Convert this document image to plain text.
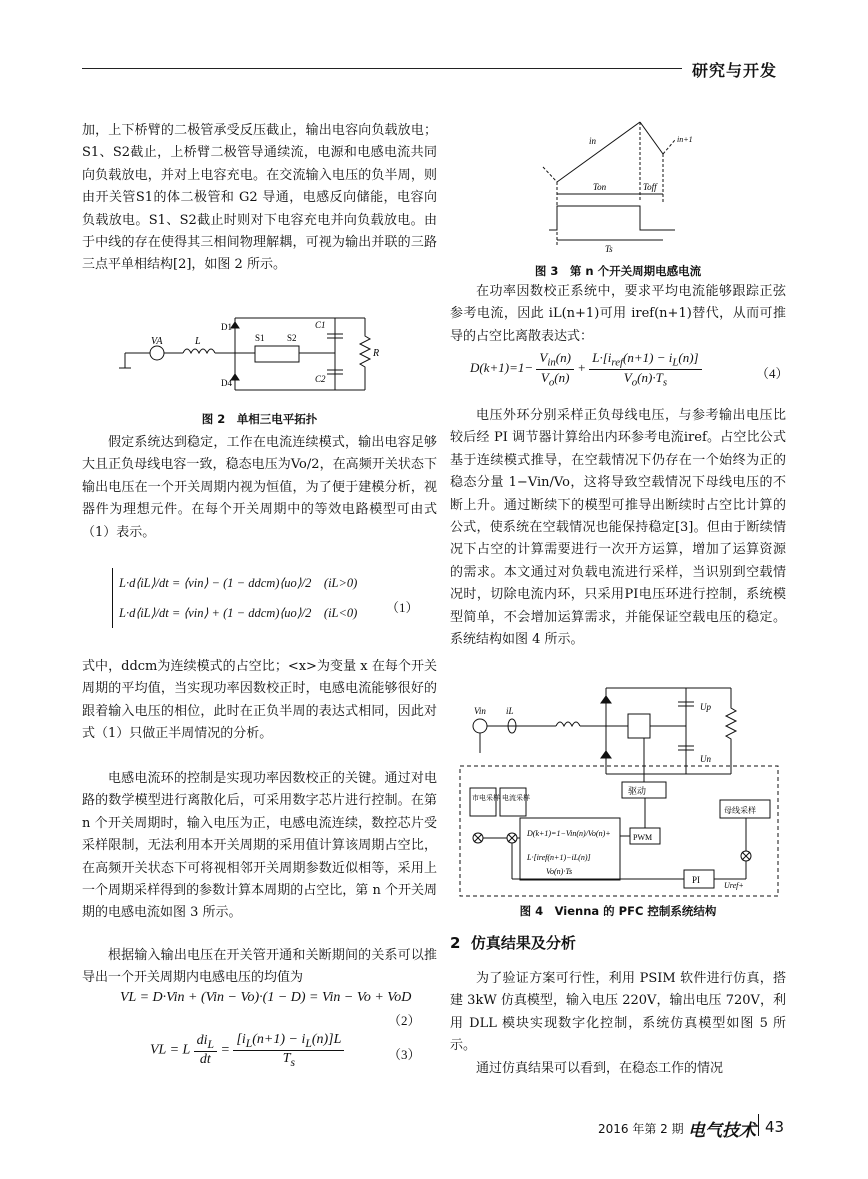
研究与开发

加，上下桥臂的二极管承受反压截止，输出电容向负载放电；S1、S2截止，上桥臂二极管导通续流，电源和电感电流共同向负载放电，并对上电容充电。在交流输入电压的负半周，则由开关管S1的体二极管和 G2 导通，电感反向储能，电容向负载放电。S1、S2截止时则对下电容充电并向负载放电。由于中线的存在使得其三相间物理解耦，可视为输出并联的三路三点平单相结构[2]，如图 2 所示。

VA	L
D1
D4
S1 S2
C1
C2
R
图 2　单相三电平拓扑

假定系统达到稳定，工作在电流连续模式，输出电容足够大且正负母线电容一致，稳态电压为Vo/2，在高频开关状态下输出电压在一个开关周期内视为恒值，为了便于建模分析，视器件为理想元件。在每个开关周期中的等效电路模型可由式（1）表示。

L·d⟨iL⟩/dt = ⟨vin⟩ − (1 − ddcm)⟨uo⟩/2　(iL>0)
L·d⟨iL⟩/dt = ⟨vin⟩ + (1 − ddcm)⟨uo⟩/2　(iL<0)	（1）

式中，ddcm为连续模式的占空比；<x>为变量 x 在每个开关周期的平均值，当实现功率因数校正时，电感电流能够很好的跟着输入电压的相位，此时在正负半周的表达式相同，因此对式（1）只做正半周情况的分析。

电感电流环的控制是实现功率因数校正的关键。通过对电路的数学模型进行离散化后，可采用数字芯片进行控制。在第 n 个开关周期时，输入电压为正，电感电流连续，数控芯片受采样限制，无法利用本开关周期的采用值计算该周期占空比，在高频开关状态下可将视相邻开关周期参数近似相等，采用上一个周期采样得到的参数计算本周期的占空比，第 n 个开关周期的电感电流如图 3 所示。

根据输入输出电压在开关管开通和关断期间的关系可以推导出一个开关周期内电感电压的均值为

VL = D·Vin + (Vin − Vo)·(1 − D) = Vin − Vo + VoD
（2）
VL = L $\frac{di_L}{dt} = \frac{[i_L(n+1) - i_L(n)]L}{T_s}$	（3）
in	in+1
Ton	Toff
Ts
图 3　第 n 个开关周期电感电流

在功率因数校正系统中，要求平均电流能够跟踪正弦参考电流，因此 iL(n+1)可用 iref(n+1)替代，从而可推导的占空比离散表达式：

$D(k+1)=1- \frac{V_{in}(n)}{V_o(n)} + \frac{L\cdot[i_{ref}(n+1) - i_L(n)]}{V_o(n)\cdot T_s}$	（4）

电压外环分别采样正负母线电压，与参考输出电压比较后经 PI 调节器计算给出内环参考电流iref。占空比公式基于连续模式推导，在空载情况下仍存在一个始终为正的稳态分量 1−Vin/Vo，这将导致空载情况下母线电压的不断上升。通过断续下的模型可推导出断续时占空比计算的公式，使系统在空载情况也能保持稳定[3]。但由于断续情况下占空的计算需要进行一次开方运算，增加了运算资源的需求。本文通过对负载电流进行采样，当识别到空载情况时，切除电流内环，只采用PI电压环进行控制，系统模型简单，不会增加运算需求，并能保证空载电压的稳定。系统结构如图 4 所示。

Vin iL	Up
Un
驱动
市电采样 电流采样
D(k+1)=1−Vin(n)/Vo(n)+
L·[iref(n+1)−iL(n)]
Vo(n)·Ts
PWM
母线采样
PI
Uref+
图 4　Vienna 的 PFC 控制系统结构
2 仿真结果及分析

为了验证方案可行性，利用 PSIM 软件进行仿真，搭建 3kW 仿真模型，输入电压 220V，输出电压 720V，利用 DLL 模块实现数字化控制，系统仿真模型如图 5 所示。

通过仿真结果可以看到，在稳态工作的情况

2016 年第 2 期 电气技术 43
